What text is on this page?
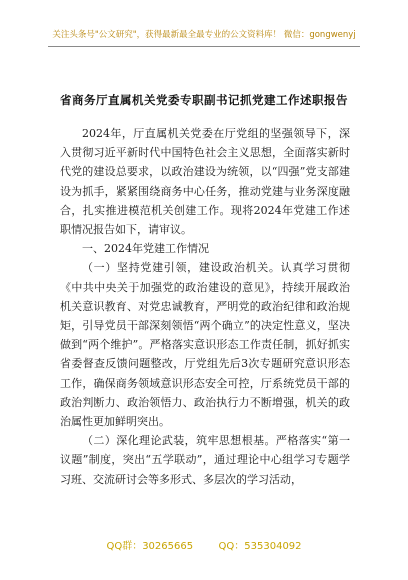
关注头条号"公文研究"，获得最新最全最专业的公文资料库！ 微信：gongwenyj
省商务厅直属机关党委专职副书记抓党建工作述职报告

2024年，厅直属机关党委在厅党组的坚强领导下，深入贯彻习近平新时代中国特色社会主义思想，全面落实新时代党的建设总要求，以政治建设为统领，以“四强”党支部建设为抓手，紧紧围绕商务中心任务，推动党建与业务深度融合，扎实推进模范机关创建工作。现将2024年党建工作述职情况报告如下，请审议。

一、2024年党建工作情况

（一）坚持党建引领，建设政治机关。认真学习贯彻《中共中央关于加强党的政治建设的意见》，持续开展政治机关意识教育、对党忠诚教育，严明党的政治纪律和政治规矩，引导党员干部深刻领悟“两个确立”的决定性意义，坚决做到“两个维护”。严格落实意识形态工作责任制，抓好抓实省委督查反馈问题整改，厅党组先后3次专题研究意识形态工作，确保商务领域意识形态安全可控，厅系统党员干部的政治判断力、政治领悟力、政治执行力不断增强，机关的政治属性更加鲜明突出。

（二）深化理论武装，筑牢思想根基。严格落实“第一议题”制度，突出“五学联动”，通过理论中心组学习专题学习班、交流研讨会等多形式、多层次的学习活动，

QQ群：30265665        QQ：535304092
